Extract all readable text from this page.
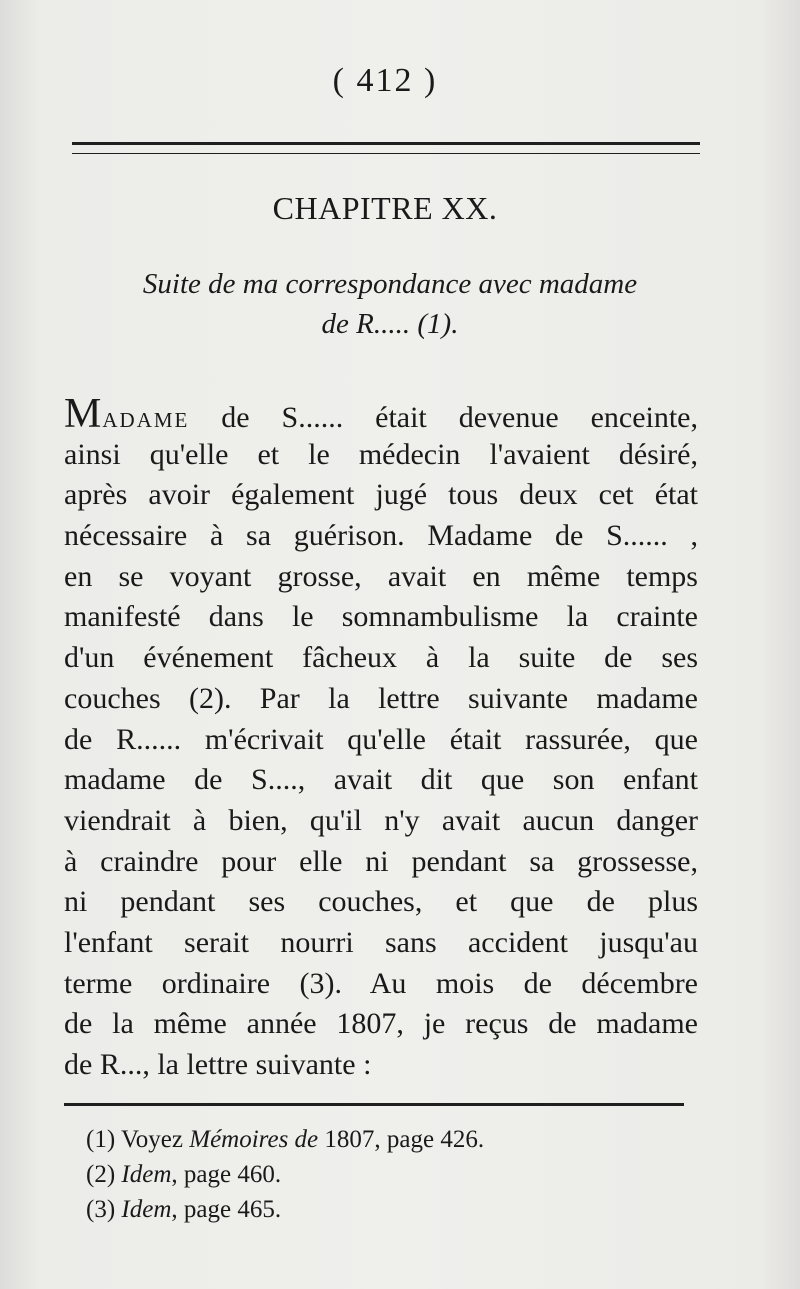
( 412 )
CHAPITRE XX.
Suite de ma correspondance avec madame
de R..... (1).
Madame de S...... était devenue enceinte,
ainsi qu'elle et le médecin l'avaient désiré,
après avoir également jugé tous deux cet état
nécessaire à sa guérison. Madame de S...... ,
en se voyant grosse, avait en même temps
manifesté dans le somnambulisme la crainte
d'un événement fâcheux à la suite de ses
couches (2). Par la lettre suivante madame
de R...... m'écrivait qu'elle était rassurée, que
madame de S...., avait dit que son enfant
viendrait à bien, qu'il n'y avait aucun danger
à craindre pour elle ni pendant sa grossesse,
ni pendant ses couches, et que de plus
l'enfant serait nourri sans accident jusqu'au
terme ordinaire (3). Au mois de décembre
de la même année 1807, je reçus de madame
de R..., la lettre suivante :
(1) Voyez Mémoires de 1807, page 426.
(2) Idem, page 460.
(3) Idem, page 465.
